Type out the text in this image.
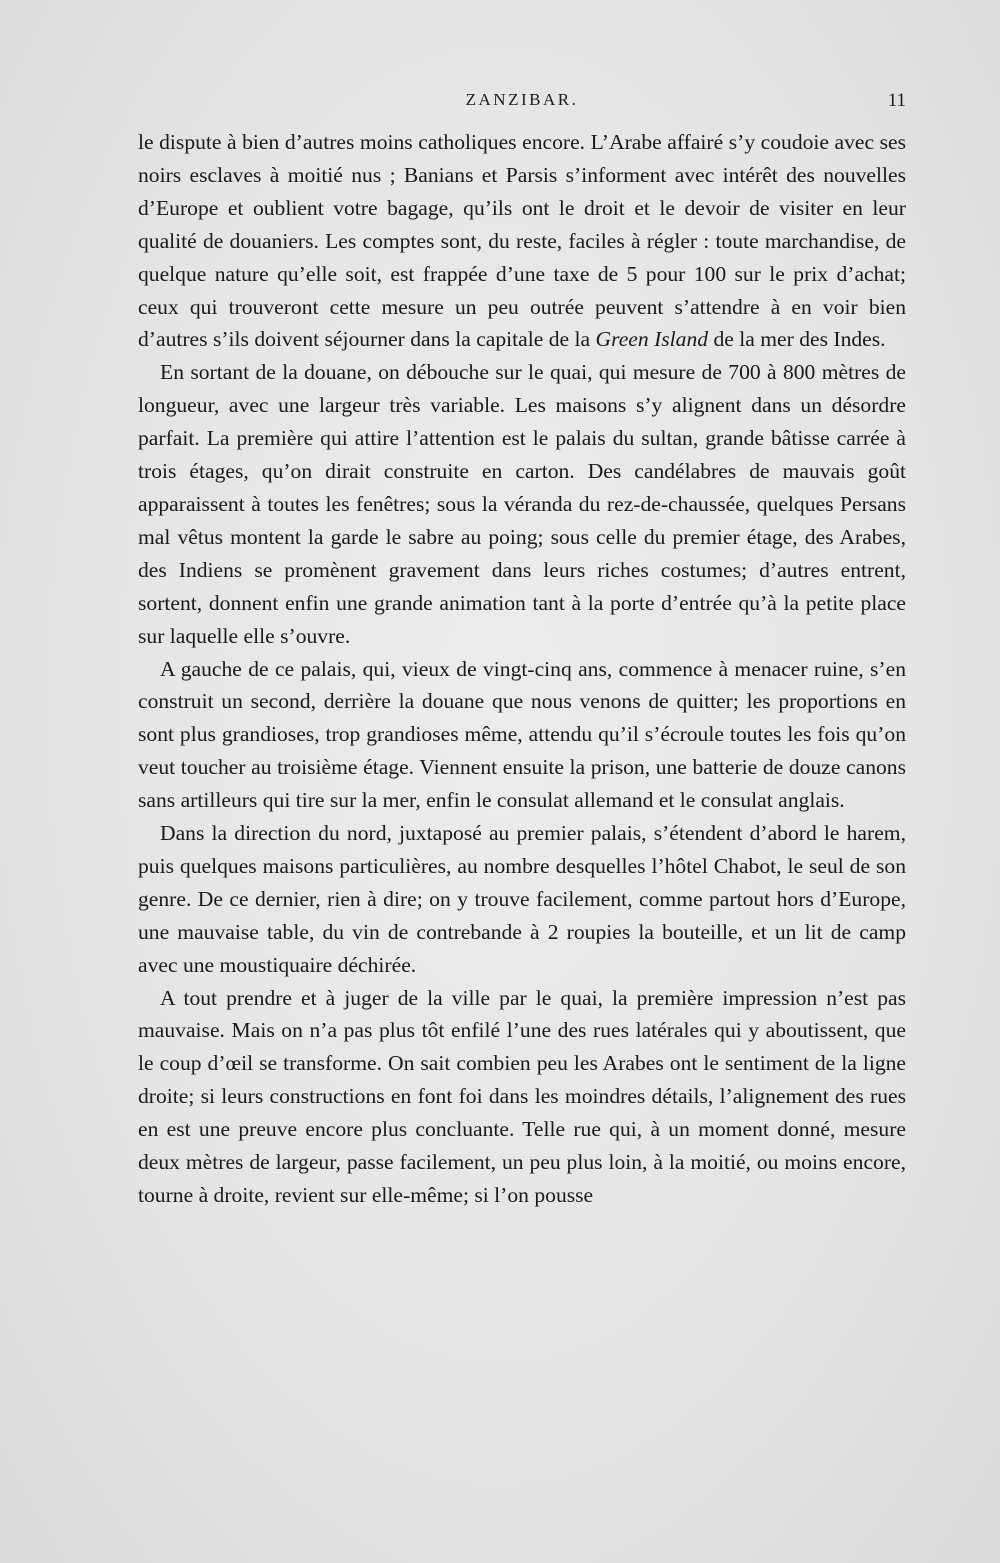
ZANZIBAR.	11

le dispute à bien d’autres moins catholiques encore. L’Arabe affairé s’y coudoie avec ses noirs esclaves à moitié nus ; Banians et Parsis s’informent avec intérêt des nouvelles d’Europe et oublient votre bagage, qu’ils ont le droit et le devoir de visiter en leur qualité de douaniers. Les comptes sont, du reste, faciles à régler : toute marchandise, de quelque nature qu’elle soit, est frappée d’une taxe de 5 pour 100 sur le prix d’achat; ceux qui trouveront cette mesure un peu outrée peuvent s’attendre à en voir bien d’autres s’ils doivent séjourner dans la capitale de la Green Island de la mer des Indes.

En sortant de la douane, on débouche sur le quai, qui mesure de 700 à 800 mètres de longueur, avec une largeur très variable. Les maisons s’y alignent dans un désordre parfait. La première qui attire l’attention est le palais du sultan, grande bâtisse carrée à trois étages, qu’on dirait construite en carton. Des candélabres de mauvais goût apparaissent à toutes les fenêtres; sous la véranda du rez-de-chaussée, quelques Persans mal vêtus montent la garde le sabre au poing; sous celle du premier étage, des Arabes, des Indiens se promènent gravement dans leurs riches costumes; d’autres entrent, sortent, donnent enfin une grande animation tant à la porte d’entrée qu’à la petite place sur laquelle elle s’ouvre.

A gauche de ce palais, qui, vieux de vingt-cinq ans, commence à menacer ruine, s’en construit un second, derrière la douane que nous venons de quitter; les proportions en sont plus grandioses, trop grandioses même, attendu qu’il s’écroule toutes les fois qu’on veut toucher au troisième étage. Viennent ensuite la prison, une batterie de douze canons sans artilleurs qui tire sur la mer, enfin le consulat allemand et le consulat anglais.

Dans la direction du nord, juxtaposé au premier palais, s’étendent d’abord le harem, puis quelques maisons particulières, au nombre desquelles l’hôtel Chabot, le seul de son genre. De ce dernier, rien à dire; on y trouve facilement, comme partout hors d’Europe, une mauvaise table, du vin de contrebande à 2 roupies la bouteille, et un lit de camp avec une moustiquaire déchirée.

A tout prendre et à juger de la ville par le quai, la première impression n’est pas mauvaise. Mais on n’a pas plus tôt enfilé l’une des rues latérales qui y aboutissent, que le coup d’œil se transforme. On sait combien peu les Arabes ont le sentiment de la ligne droite; si leurs constructions en font foi dans les moindres détails, l’alignement des rues en est une preuve encore plus concluante. Telle rue qui, à un moment donné, mesure deux mètres de largeur, passe facilement, un peu plus loin, à la moitié, ou moins encore, tourne à droite, revient sur elle-même; si l’on pousse
